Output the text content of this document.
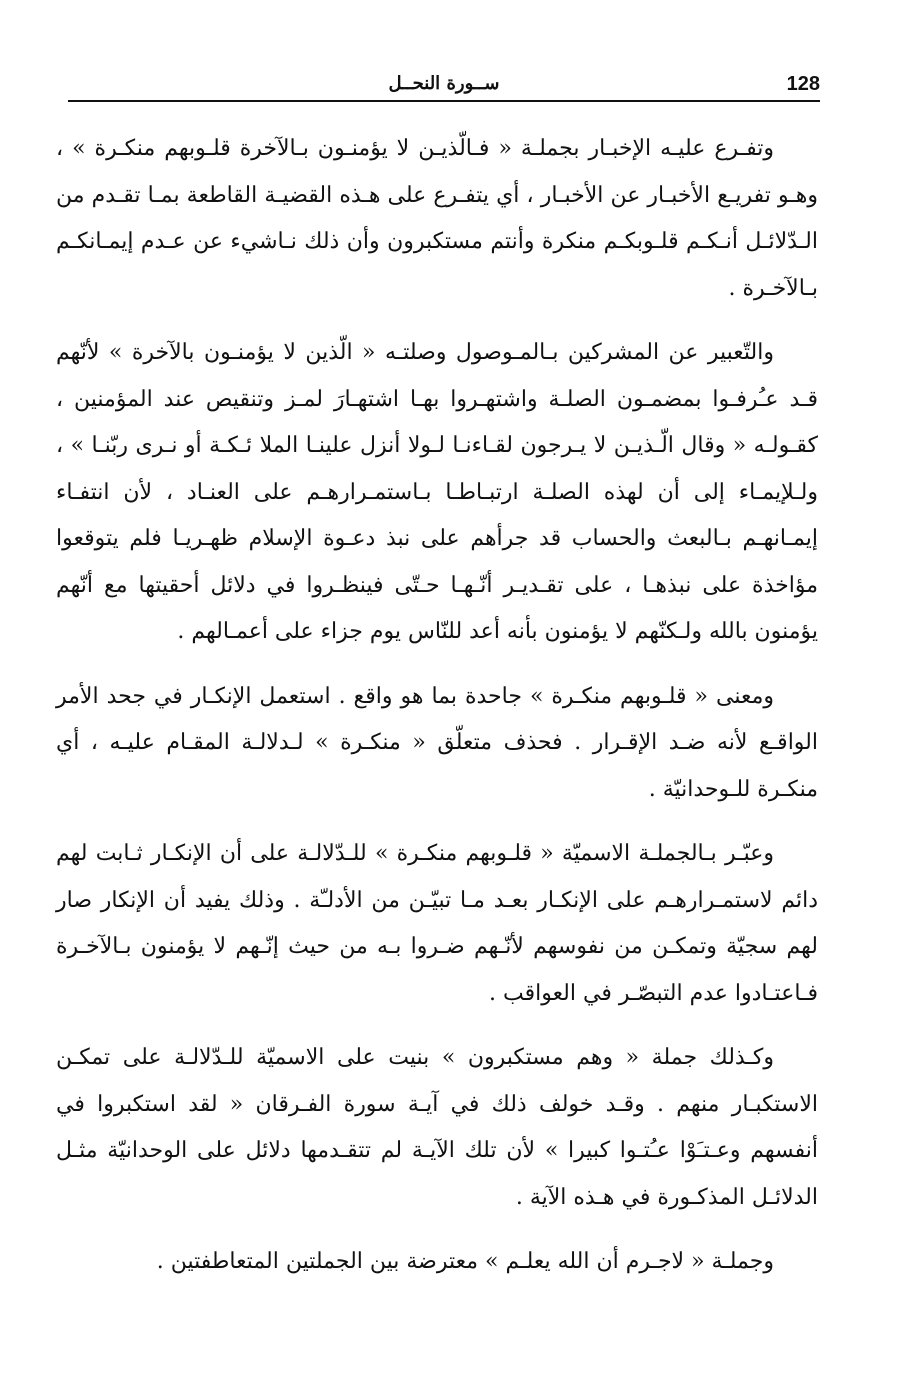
128
ســورة النحــل

وتفـرع عليـه الإخبـار بجملـة « فـالّذيـن لا يؤمنـون بـالآخرة قلـوبهم منكـرة » ، وهـو تفريـع الأخبـار عن الأخبـار ، أي يتفـرع على هـذه القضيـة القاطعة بمـا تقـدم من الـدّلائـل أنـكـم قلـوبكـم منكرة وأنتم مستكبرون وأن ذلك نـاشيء عن عـدم إيمـانكـم بـالآخـرة .

والتّعبير عن المشركين بـالمـوصول وصلتـه « الّذين لا يؤمنـون بالآخرة » لأنّهم قـد عـُرفـوا بمضمـون الصلـة واشتهـروا بهـا اشتهـارَ لمـز وتنقيص عند المؤمنين ، كقـولـه « وقال الّـذيـن لا يـرجون لقـاءنـا لـولا أنزل علينـا الملا ئـكـة أو نـرى ربّنـا » ، ولـلإيمـاء إلى أن لهذه الصلـة ارتبـاطـا بـاستمـرارهـم على العنـاد ، لأن انتفـاء إيمـانهـم بـالبعث والحساب قد جرأهم على نبذ دعـوة الإسلام ظهـريـا فلم يتوقعوا مؤاخذة على نبذهـا ، على تقـديـر أنّـهـا حـتّى فينظـروا في دلائل أحقيتها مع أنّهم يؤمنون بالله ولـكنّهم لا يؤمنون بأنه أعد للنّاس يوم جزاء على أعمـالهم .

ومعنى « قلـوبهم منكـرة » جاحدة بما هو واقع . استعمل الإنكـار في جحد الأمر الواقـع لأنه ضـد الإقـرار . فحذف متعلّق « منكـرة » لـدلالـة المقـام عليـه ، أي منكـرة للـوحدانيّة .

وعبّـر بـالجملـة الاسميّة « قلـوبهم منكـرة » للـدّلالـة على أن الإنكـار ثـابت لهم دائم لاستمـرارهـم على الإنكـار بعـد مـا تبيّـن من الأدلـّة . وذلك يفيد أن الإنكار صار لهم سجيّة وتمكـن من نفوسهم لأنّـهم ضـروا بـه من حيث إنّـهم لا يؤمنون بـالآخـرة فـاعتـادوا عدم التبصّـر في العواقب .

وكـذلك جملة « وهم مستكبرون » بنيت على الاسميّة للـدّلالـة على تمكـن الاستكبـار منهم . وقـد خولف ذلك في آيـة سورة الفـرقان « لقد استكبروا في أنفسهم وعـتـَوْا عـُتـوا كبيرا » لأن تلك الآيـة لم تتقـدمها دلائل على الوحدانيّة مثـل الدلائـل المذكـورة في هـذه الآية .

وجملـة « لاجـرم أن الله يعلـم » معترضة بين الجملتين المتعاطفتين .
